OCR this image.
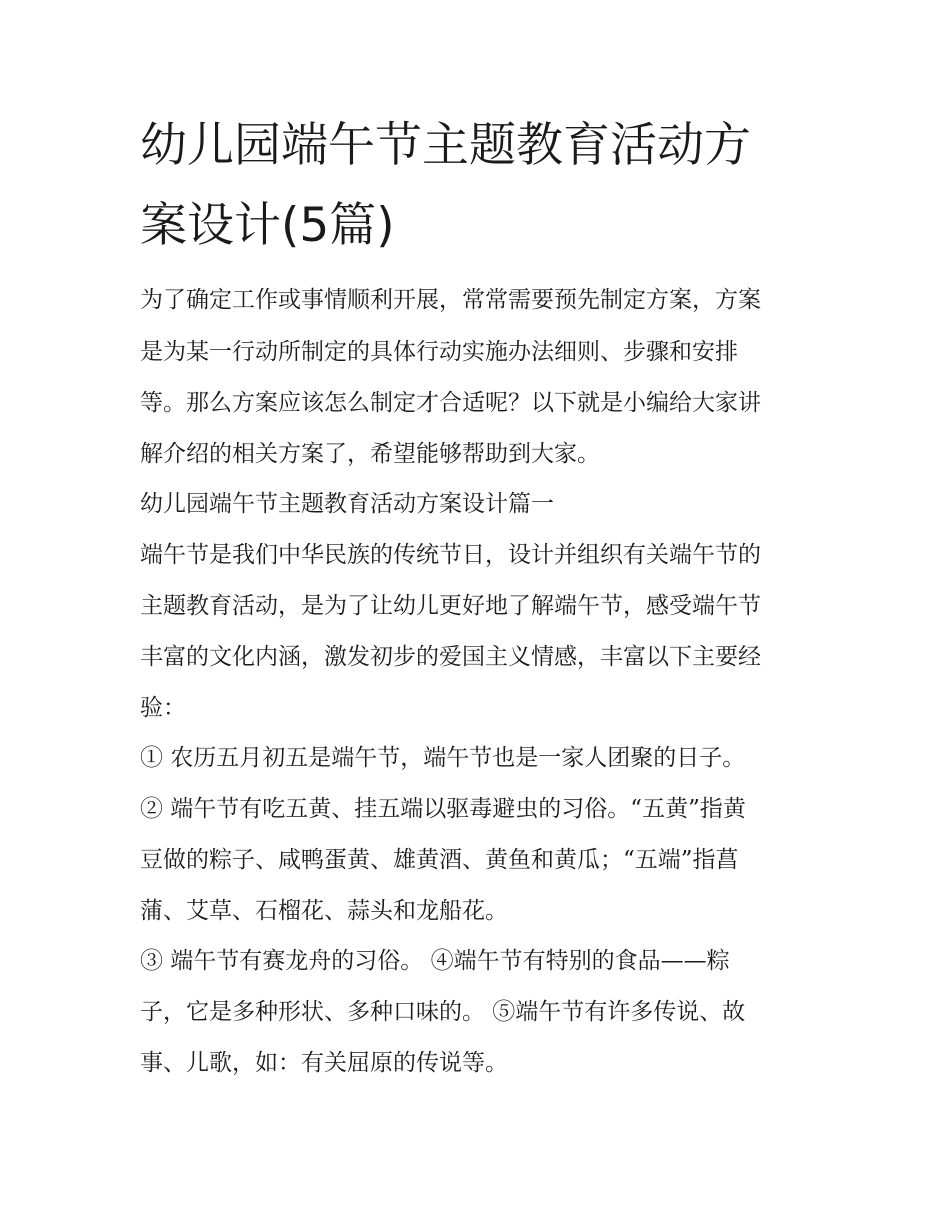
幼儿园端午节主题教育活动方
案设计(5篇)
为了确定工作或事情顺利开展，常常需要预先制定方案，方案
是为某一行动所制定的具体行动实施办法细则、步骤和安排
等。那么方案应该怎么制定才合适呢？以下就是小编给大家讲
解介绍的相关方案了，希望能够帮助到大家。
幼儿园端午节主题教育活动方案设计篇一
端午节是我们中华民族的传统节日，设计并组织有关端午节的
主题教育活动，是为了让幼儿更好地了解端午节，感受端午节
丰富的文化内涵，激发初步的爱国主义情感，丰富以下主要经
验：
① 农历五月初五是端午节，端午节也是一家人团聚的日子。
② 端午节有吃五黄、挂五端以驱毒避虫的习俗。“五黄”指黄
豆做的粽子、咸鸭蛋黄、雄黄酒、黄鱼和黄瓜；“五端”指菖
蒲、艾草、石榴花、蒜头和龙船花。
③ 端午节有赛龙舟的习俗。 ④端午节有特别的食品——粽
子，它是多种形状、多种口味的。 ⑤端午节有许多传说、故
事、儿歌，如：有关屈原的传说等。
